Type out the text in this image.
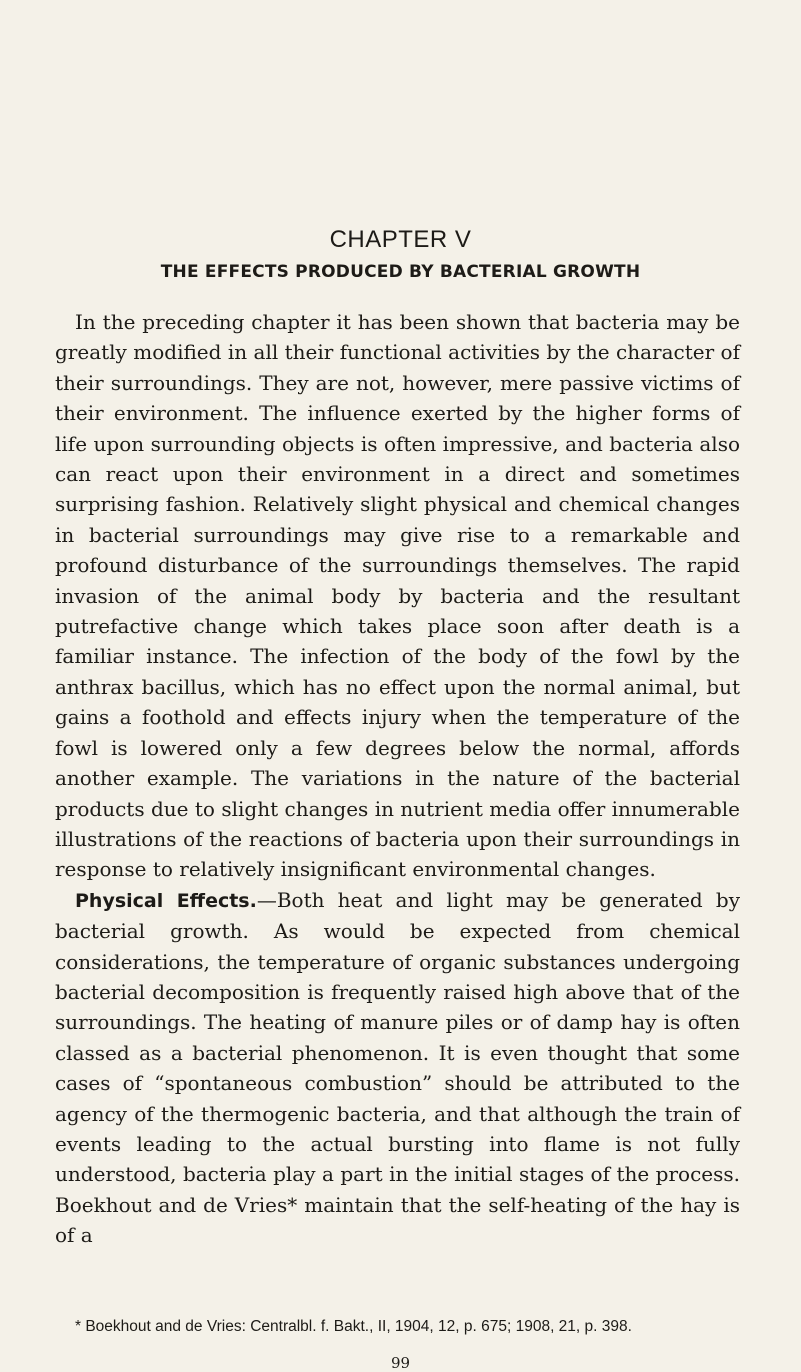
CHAPTER V
THE EFFECTS PRODUCED BY BACTERIAL GROWTH

In the preceding chapter it has been shown that bacteria may be greatly modified in all their functional activities by the character of their surroundings. They are not, however, mere passive victims of their environment. The influence exerted by the higher forms of life upon surrounding objects is often impressive, and bacteria also can react upon their environment in a direct and sometimes surprising fashion. Relatively slight physical and chemical changes in bacterial surroundings may give rise to a remarkable and profound disturbance of the surroundings themselves. The rapid invasion of the animal body by bacteria and the resultant putrefactive change which takes place soon after death is a familiar instance. The infection of the body of the fowl by the anthrax bacillus, which has no effect upon the normal animal, but gains a foothold and effects injury when the temperature of the fowl is lowered only a few degrees below the normal, affords another example. The variations in the nature of the bacterial products due to slight changes in nutrient media offer innumerable illustrations of the reactions of bacteria upon their surroundings in response to relatively insignificant environmental changes.

Physical Effects.—Both heat and light may be generated by bacterial growth. As would be expected from chemical considerations, the temperature of organic substances undergoing bacterial decomposition is frequently raised high above that of the surroundings. The heating of manure piles or of damp hay is often classed as a bacterial phenomenon. It is even thought that some cases of “spontaneous combustion” should be attributed to the agency of the thermogenic bacteria, and that although the train of events leading to the actual bursting into flame is not fully understood, bacteria play a part in the initial stages of the process. Boekhout and de Vries* maintain that the self-heating of the hay is of a

* Boekhout and de Vries: Centralbl. f. Bakt., II, 1904, 12, p. 675; 1908, 21, p. 398.
99
